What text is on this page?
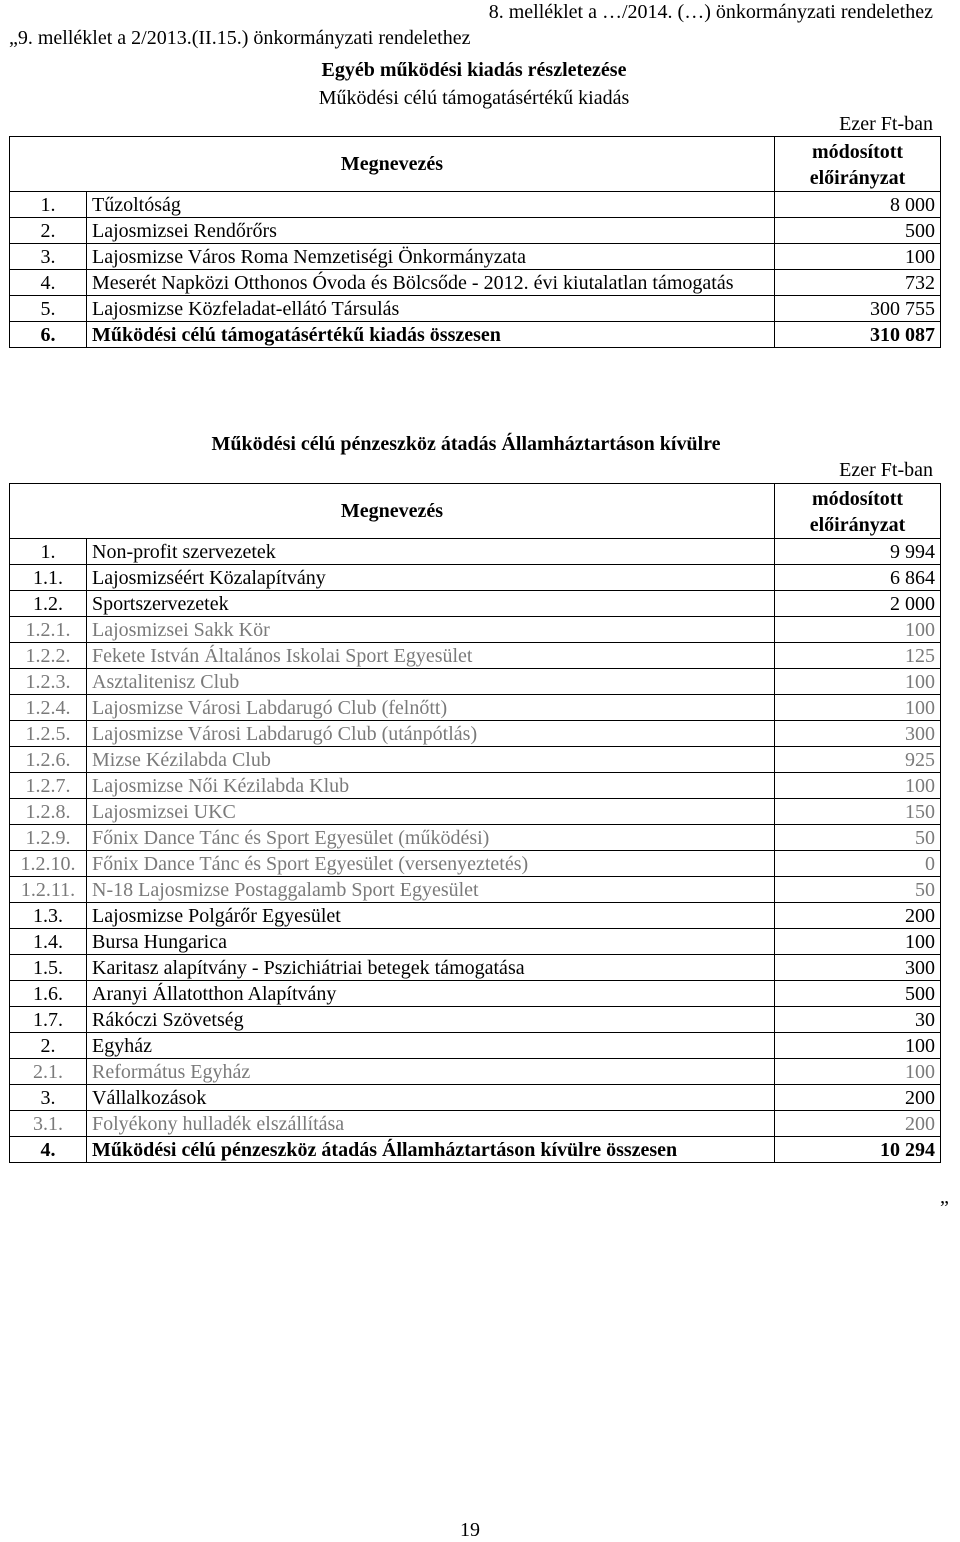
8. melléklet a …/2014. (…) önkormányzati rendelethez
„9. melléklet a 2/2013.(II.15.) önkormányzati rendelethez
Egyéb működési kiadás részletezése
Működési célú támogatásértékű kiadás
Ezer Ft-ban
Megnevezés		módosított
előirányzat
1.	Tűzoltóság	8 000
2.	Lajosmizsei Rendőrőrs	500
3.	Lajosmizse Város Roma Nemzetiségi Önkormányzata	100
4.	Meserét Napközi Otthonos Óvoda és Bölcsőde - 2012. évi kiutalatlan támogatás	732
5.	Lajosmizse Közfeladat-ellátó Társulás	300 755
6.	Működési célú támogatásértékű kiadás összesen	310 087
Működési célú pénzeszköz átadás Államháztartáson kívülre
Ezer Ft-ban
Megnevezés		módosított
előirányzat
1.	Non-profit szervezetek	9 994
1.1.	Lajosmizséért Közalapítvány	6 864
1.2.	Sportszervezetek	2 000
1.2.1.	Lajosmizsei Sakk Kör	100
1.2.2.	Fekete István Általános Iskolai Sport Egyesület	125
1.2.3.	Asztalitenisz Club	100
1.2.4.	Lajosmizse Városi Labdarugó Club (felnőtt)	100
1.2.5.	Lajosmizse Városi Labdarugó Club (utánpótlás)	300
1.2.6.	Mizse Kézilabda Club	925
1.2.7.	Lajosmizse Női Kézilabda Klub	100
1.2.8.	Lajosmizsei UKC	150
1.2.9.	Főnix Dance Tánc és Sport Egyesület (működési)	50
1.2.10.	Főnix Dance Tánc és Sport Egyesület (versenyeztetés)	0
1.2.11.	N-18 Lajosmizse Postaggalamb Sport Egyesület	50
1.3.	Lajosmizse Polgárőr Egyesület	200
1.4.	Bursa Hungarica	100
1.5.	Karitasz alapítvány - Pszichiátriai betegek támogatása	300
1.6.	Aranyi Állatotthon Alapítvány	500
1.7.	Rákóczi Szövetség	30
2.	Egyház	100
2.1.	Református Egyház	100
3.	Vállalkozások	200
3.1.	Folyékony hulladék elszállítása	200
4.	Működési célú pénzeszköz átadás Államháztartáson kívülre összesen	10 294
”
19
